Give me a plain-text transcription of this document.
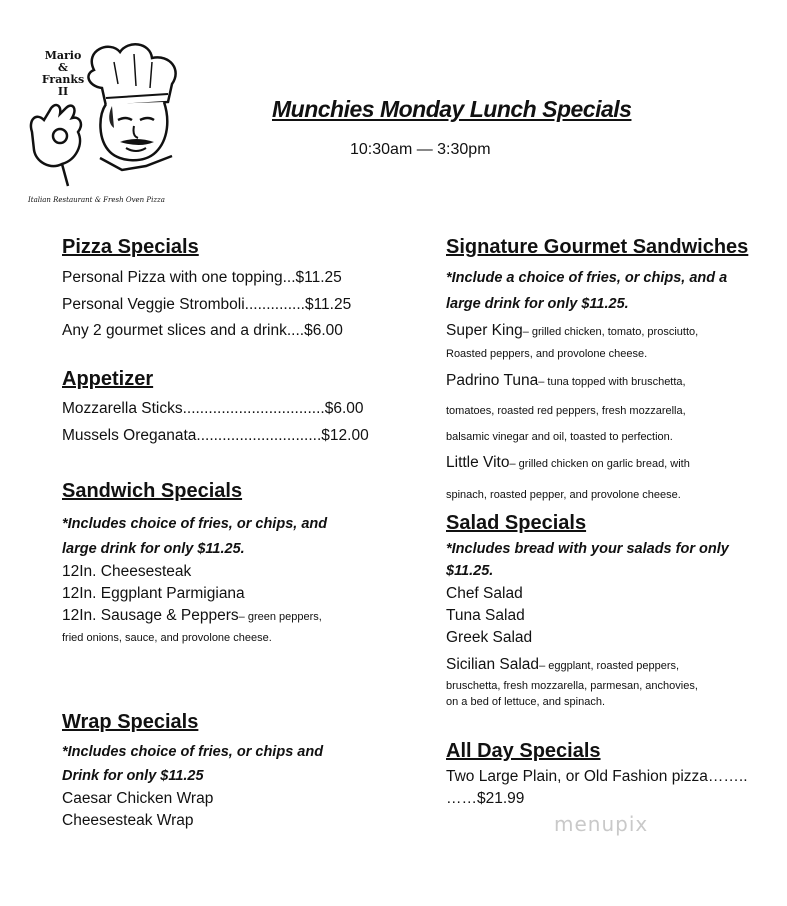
Mario &
Franks
II
Italian Restaurant & Fresh Oven Pizza
Munchies Monday Lunch Specials
10:30am — 3:30pm
Pizza Specials
Personal Pizza with one topping...$11.25
Personal Veggie Stromboli..............$11.25
Any 2 gourmet slices and a drink....$6.00
Appetizer
Mozzarella Sticks.................................$6.00
Mussels Oreganata.............................$12.00
Sandwich Specials
*Includes choice of fries, or chips, and
large drink for only $11.25.
12In. Cheesesteak
12In. Eggplant Parmigiana
12In. Sausage & Peppers– green peppers,
fried onions, sauce, and provolone cheese.
Wrap Specials
*Includes choice of fries, or chips and
Drink for only $11.25
Caesar Chicken Wrap
Cheesesteak Wrap
Signature Gourmet Sandwiches
*Include a choice of fries, or chips, and a
large drink for only $11.25.
Super King– grilled chicken, tomato, prosciutto,
Roasted peppers, and provolone cheese.
Padrino Tuna– tuna topped with bruschetta,
tomatoes, roasted red peppers, fresh mozzarella,
balsamic vinegar and oil, toasted to perfection.
Little Vito– grilled chicken on garlic bread, with
spinach, roasted pepper, and provolone cheese.
Salad Specials
*Includes bread with your salads for only
$11.25.
Chef Salad
Tuna Salad
Greek Salad
Sicilian Salad– eggplant, roasted peppers,
bruschetta, fresh mozzarella, parmesan, anchovies,
on a bed of lettuce, and spinach.
All Day Specials
Two Large Plain, or Old Fashion pizza……..
……$21.99
menupix
